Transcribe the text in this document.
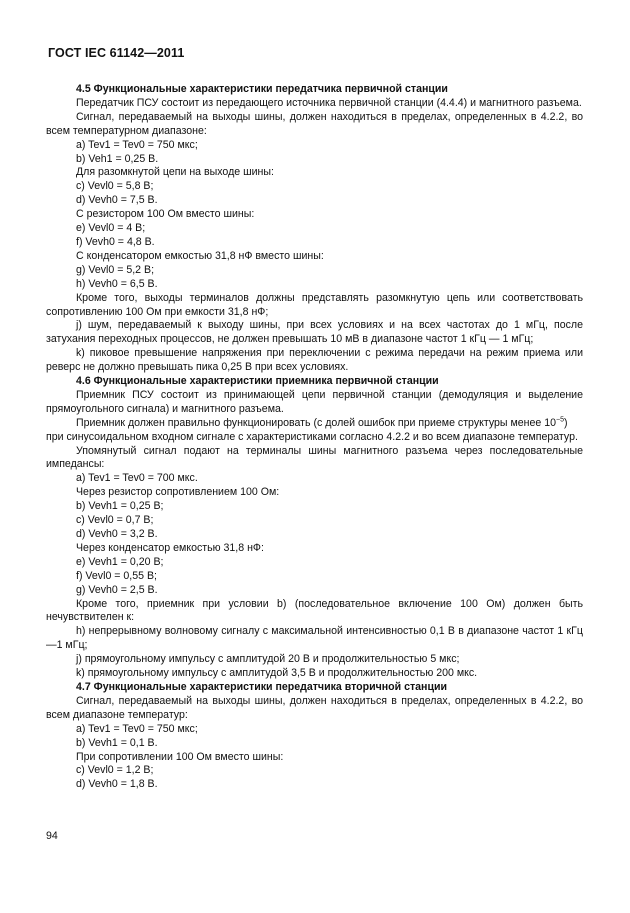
ГОСТ IEC 61142—2011

4.5 Функциональные характеристики передатчика первичной станции

Передатчик ПСУ состоит из передающего источника первичной станции (4.4.4) и магнитного разъема.

Сигнал, передаваемый на выходы шины, должен находиться в пределах, определенных в 4.2.2, во всем температурном диапазоне:

a) Tev1 = Tev0 = 750 мкс;

b) Veh1 = 0,25 В.

Для разомкнутой цепи на выходе шины:

c) Vevl0 = 5,8 В;

d) Vevh0 = 7,5 В.

С резистором 100 Ом вместо шины:

e) Vevl0 = 4 В;

f) Vevh0 = 4,8 В.

С конденсатором емкостью 31,8 нФ вместо шины:

g) Vevl0 = 5,2 В;

h) Vevh0 = 6,5 В.

Кроме того, выходы терминалов должны представлять разомкнутую цепь или соответствовать сопротивлению 100 Ом при емкости 31,8 нФ;

j) шум, передаваемый к выходу шины, при всех условиях и на всех частотах до 1 мГц, после затухания переходных процессов, не должен превышать 10 мВ в диапазоне частот 1 кГц — 1 мГц;

k) пиковое превышение напряжения при переключении с режима передачи на режим приема или реверс не должно превышать пика 0,25 В при всех условиях.

4.6 Функциональные характеристики приемника первичной станции

Приемник ПСУ состоит из принимающей цепи первичной станции (демодуляция и выделение прямоугольного сигнала) и магнитного разъема.

Приемник должен правильно функционировать (с долей ошибок при приеме структуры менее $10^{-5}$)

при синусоидальном входном сигнале с характеристиками согласно 4.2.2 и во всем диапазоне температур.

Упомянутый сигнал подают на терминалы шины магнитного разъема через последовательные импедансы:

a) Tev1 = Tev0 = 700 мкс.

Через резистор сопротивлением 100 Ом:

b) Vevh1 = 0,25 В;

c) Vevl0 = 0,7 В;

d) Vevh0 = 3,2 В.

Через конденсатор емкостью 31,8 нФ:

e) Vevh1 = 0,20 В;

f) Vevl0 = 0,55 В;

g) Vevh0 = 2,5 В.

Кроме того, приемник при условии b) (последовательное включение 100 Ом) должен быть нечувствителен к:

h) непрерывному волновому сигналу с максимальной интенсивностью 0,1 В в диапазоне частот 1 кГц —1 мГц;

j) прямоугольному импульсу с амплитудой 20 В и продолжительностью 5 мкс;

k) прямоугольному импульсу с амплитудой 3,5 В и продолжительностью 200 мкс.

4.7 Функциональные характеристики передатчика вторичной станции

Сигнал, передаваемый на выходы шины, должен находиться в пределах, определенных в 4.2.2, во всем диапазоне температур:

a) Tev1 = Tev0 = 750 мкс;

b) Vevh1 = 0,1 В.

При сопротивлении 100 Ом вместо шины:

c) Vevl0 = 1,2 В;

d) Vevh0 = 1,8 В.

94
